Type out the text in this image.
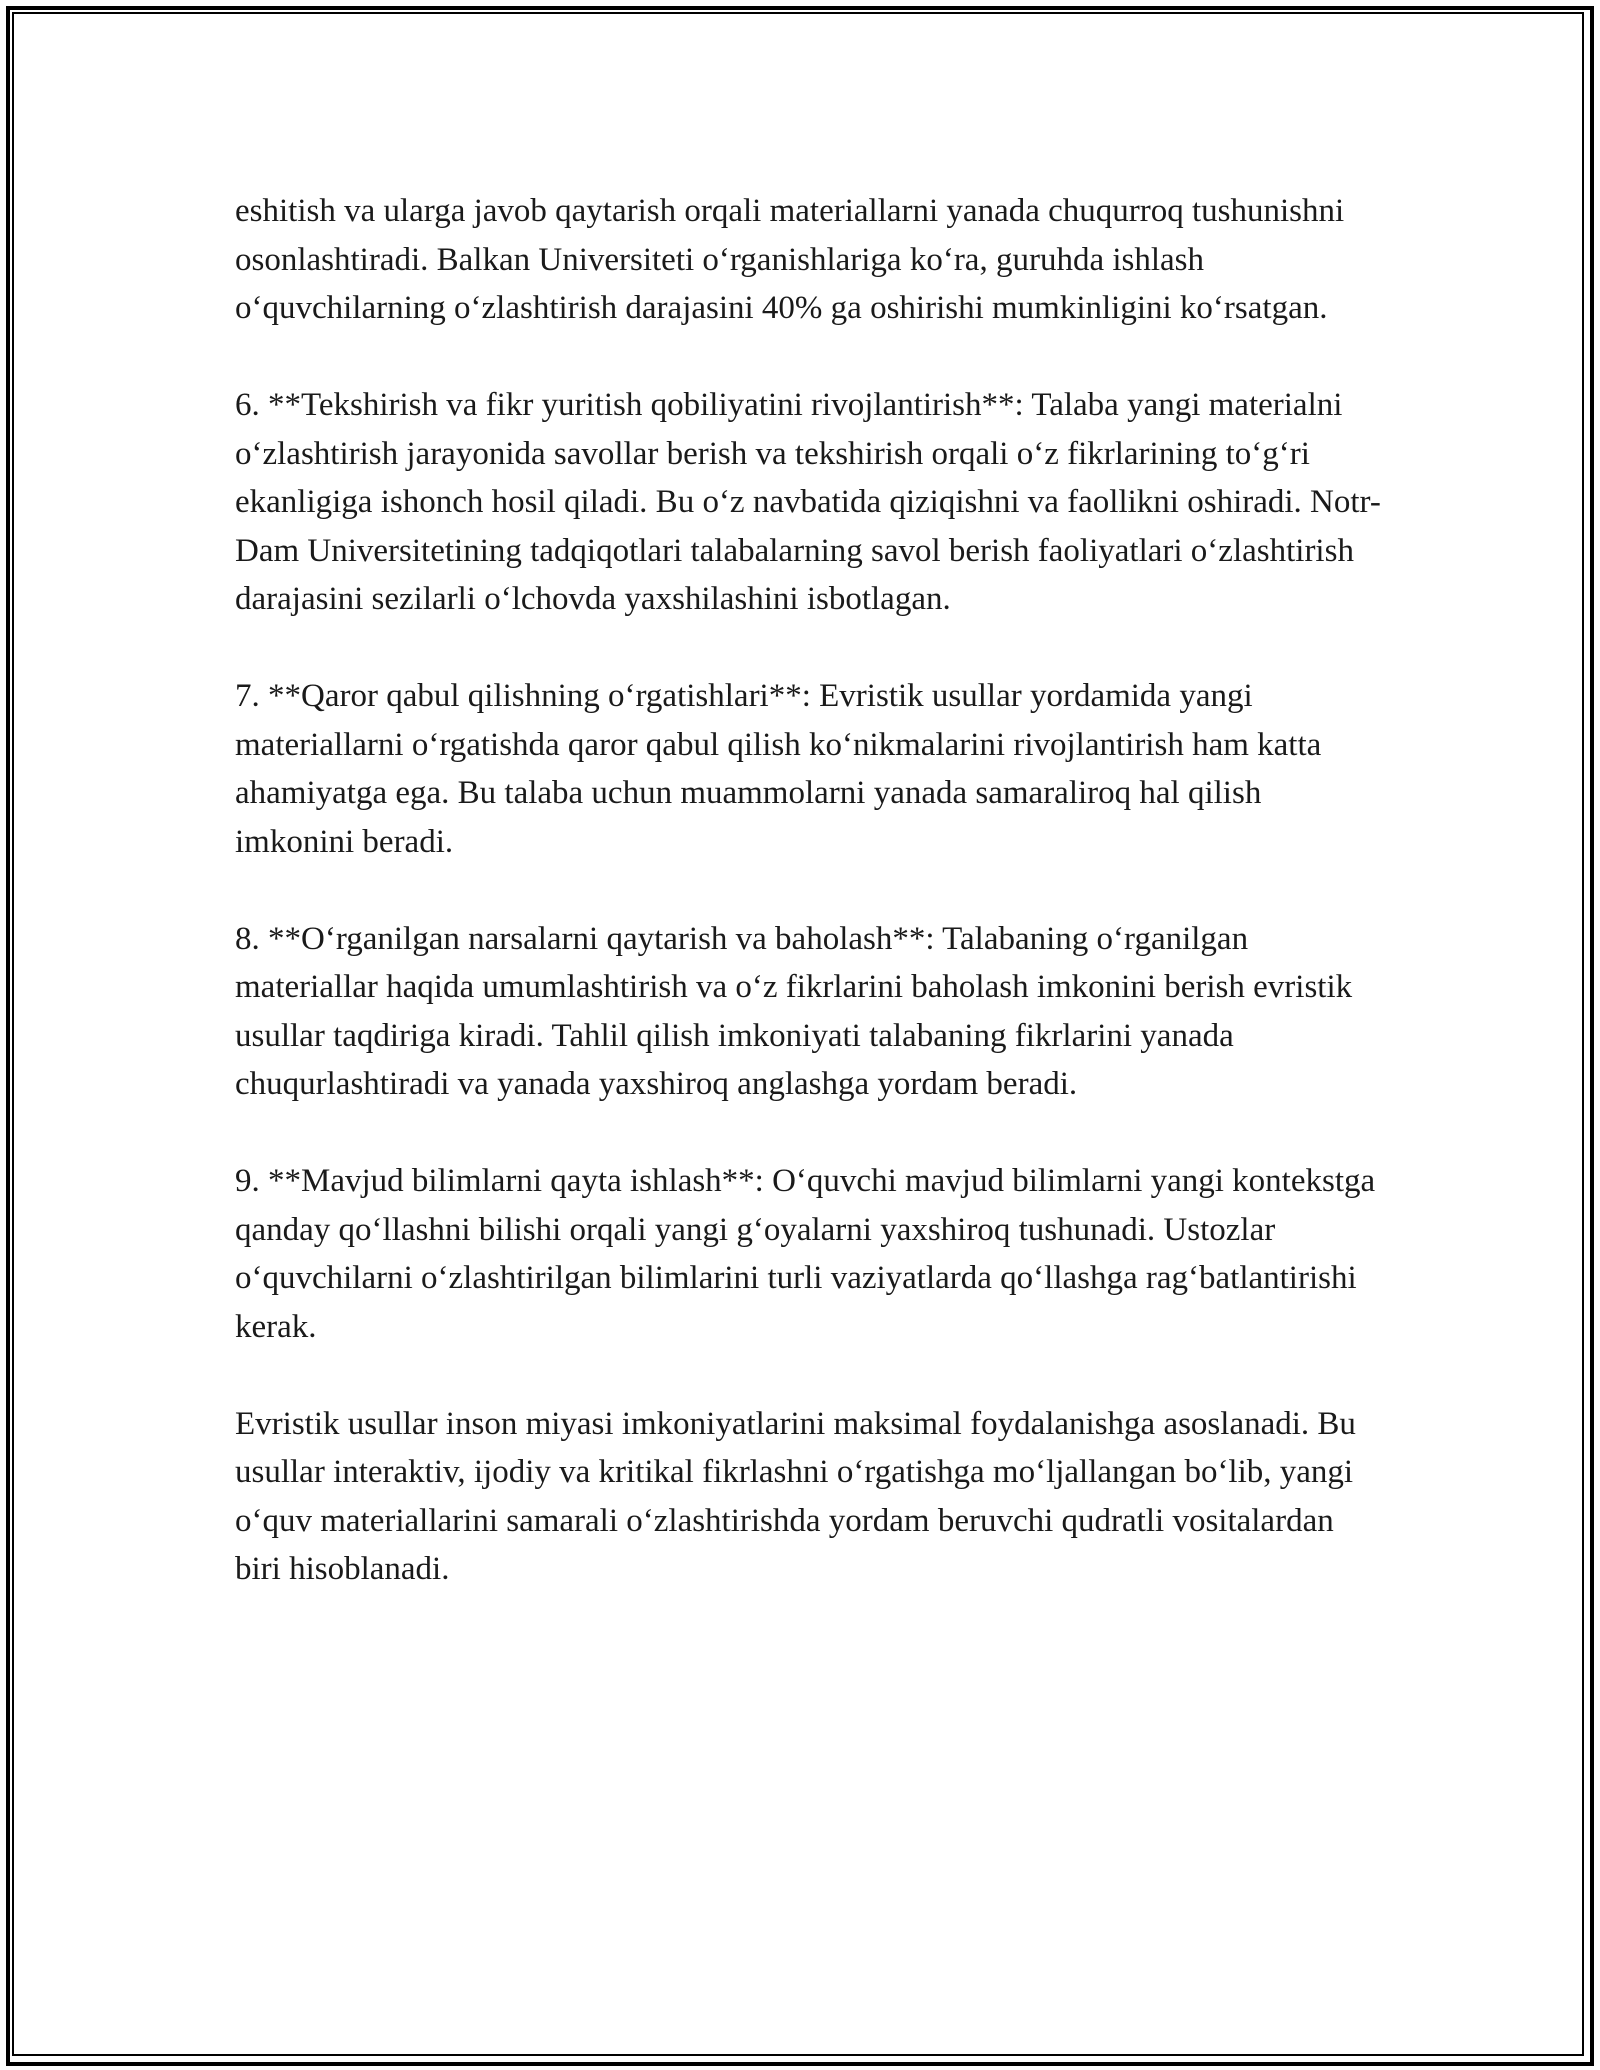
eshitish va ularga javob qaytarish orqali materiallarni yanada chuqurroq tushunishni osonlashtiradi. Balkan Universiteti o‘rganishlariga ko‘ra, guruhda ishlash o‘quvchilarning o‘zlashtirish darajasini 40% ga oshirishi mumkinligini ko‘rsatgan.

6. **Tekshirish va fikr yuritish qobiliyatini rivojlantirish**: Talaba yangi materialni o‘zlashtirish jarayonida savollar berish va tekshirish orqali o‘z fikrlarining to‘g‘ri ekanligiga ishonch hosil qiladi. Bu o‘z navbatida qiziqishni va faollikni oshiradi. Notr-Dam Universitetining tadqiqotlari talabalarning savol berish faoliyatlari o‘zlashtirish darajasini sezilarli o‘lchovda yaxshilashini isbotlagan.

7. **Qaror qabul qilishning o‘rgatishlari**: Evristik usullar yordamida yangi materiallarni o‘rgatishda qaror qabul qilish ko‘nikmalarini rivojlantirish ham katta ahamiyatga ega. Bu talaba uchun muammolarni yanada samaraliroq hal qilish imkonini beradi.

8. **O‘rganilgan narsalarni qaytarish va baholash**: Talabaning o‘rganilgan materiallar haqida umumlashtirish va o‘z fikrlarini baholash imkonini berish evristik usullar taqdiriga kiradi. Tahlil qilish imkoniyati talabaning fikrlarini yanada chuqurlashtiradi va yanada yaxshiroq anglashga yordam beradi.

9. **Mavjud bilimlarni qayta ishlash**: O‘quvchi mavjud bilimlarni yangi kontekstga qanday qo‘llashni bilishi orqali yangi g‘oyalarni yaxshiroq tushunadi. Ustozlar o‘quvchilarni o‘zlashtirilgan bilimlarini turli vaziyatlarda qo‘llashga rag‘batlantirishi kerak.

Evristik usullar inson miyasi imkoniyatlarini maksimal foydalanishga asoslanadi. Bu usullar interaktiv, ijodiy va kritikal fikrlashni o‘rgatishga mo‘ljallangan bo‘lib, yangi o‘quv materiallarini samarali o‘zlashtirishda yordam beruvchi qudratli vositalardan biri hisoblanadi.
